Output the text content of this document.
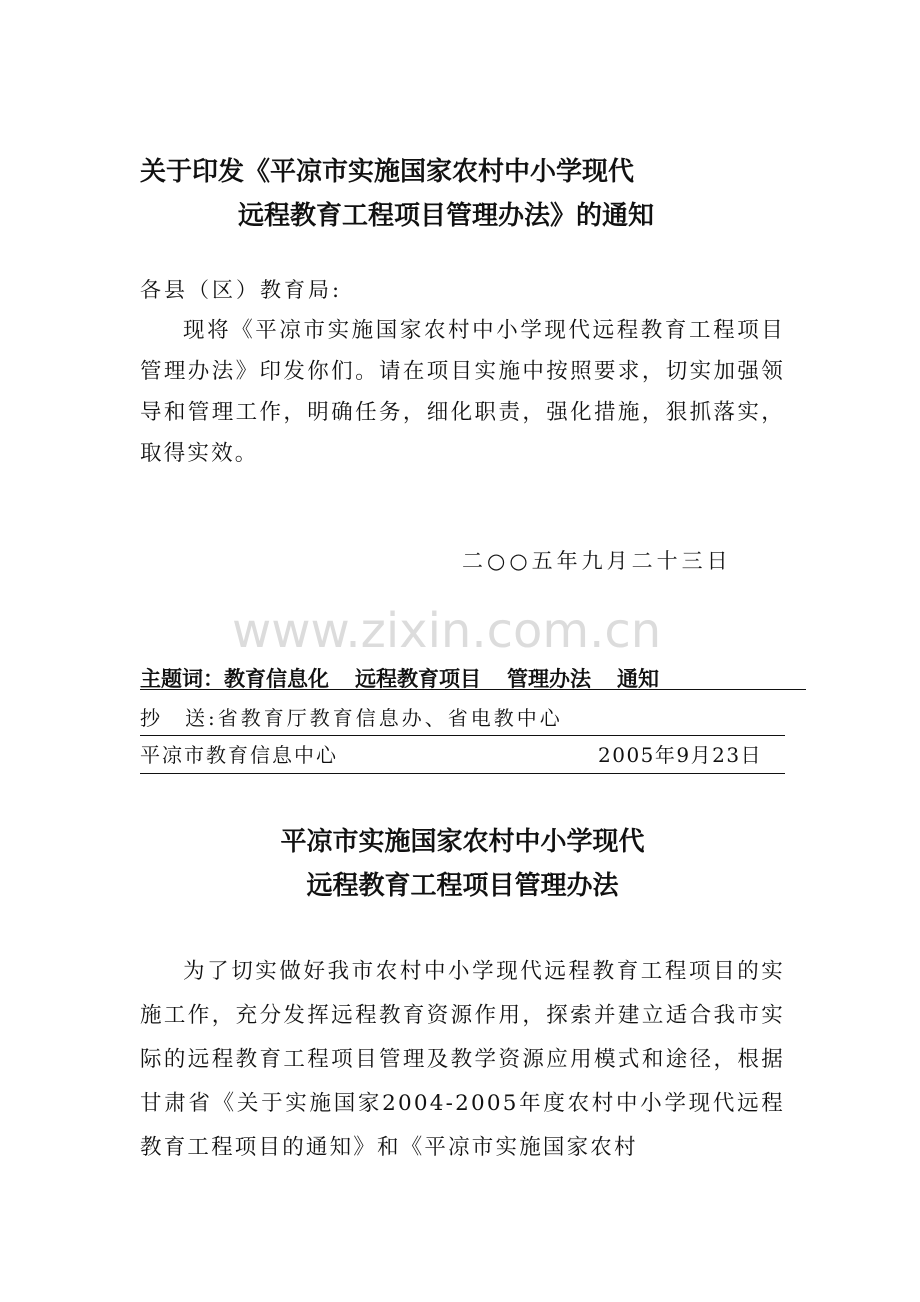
关于印发《平凉市实施国家农村中小学现代
远程教育工程项目管理办法》的通知
各县（区）教育局:

现将《平凉市实施国家农村中小学现代远程教育工程项目管理办法》印发你们。请在项目实施中按照要求，切实加强领导和管理工作，明确任务，细化职责，强化措施，狠抓落实，取得实效。

二○○五年九月二十三日
www.zixin.com.cn
主题词：教育信息化 远程教育项目 管理办法 通知
抄 送:省教育厅教育信息办、省电教中心
平凉市教育信息中心	2005年9月23日
平凉市实施国家农村中小学现代
远程教育工程项目管理办法

为了切实做好我市农村中小学现代远程教育工程项目的实施工作，充分发挥远程教育资源作用，探索并建立适合我市实际的远程教育工程项目管理及教学资源应用模式和途径，根据甘肃省《关于实施国家2004-2005年度农村中小学现代远程教育工程项目的通知》和《平凉市实施国家农村
